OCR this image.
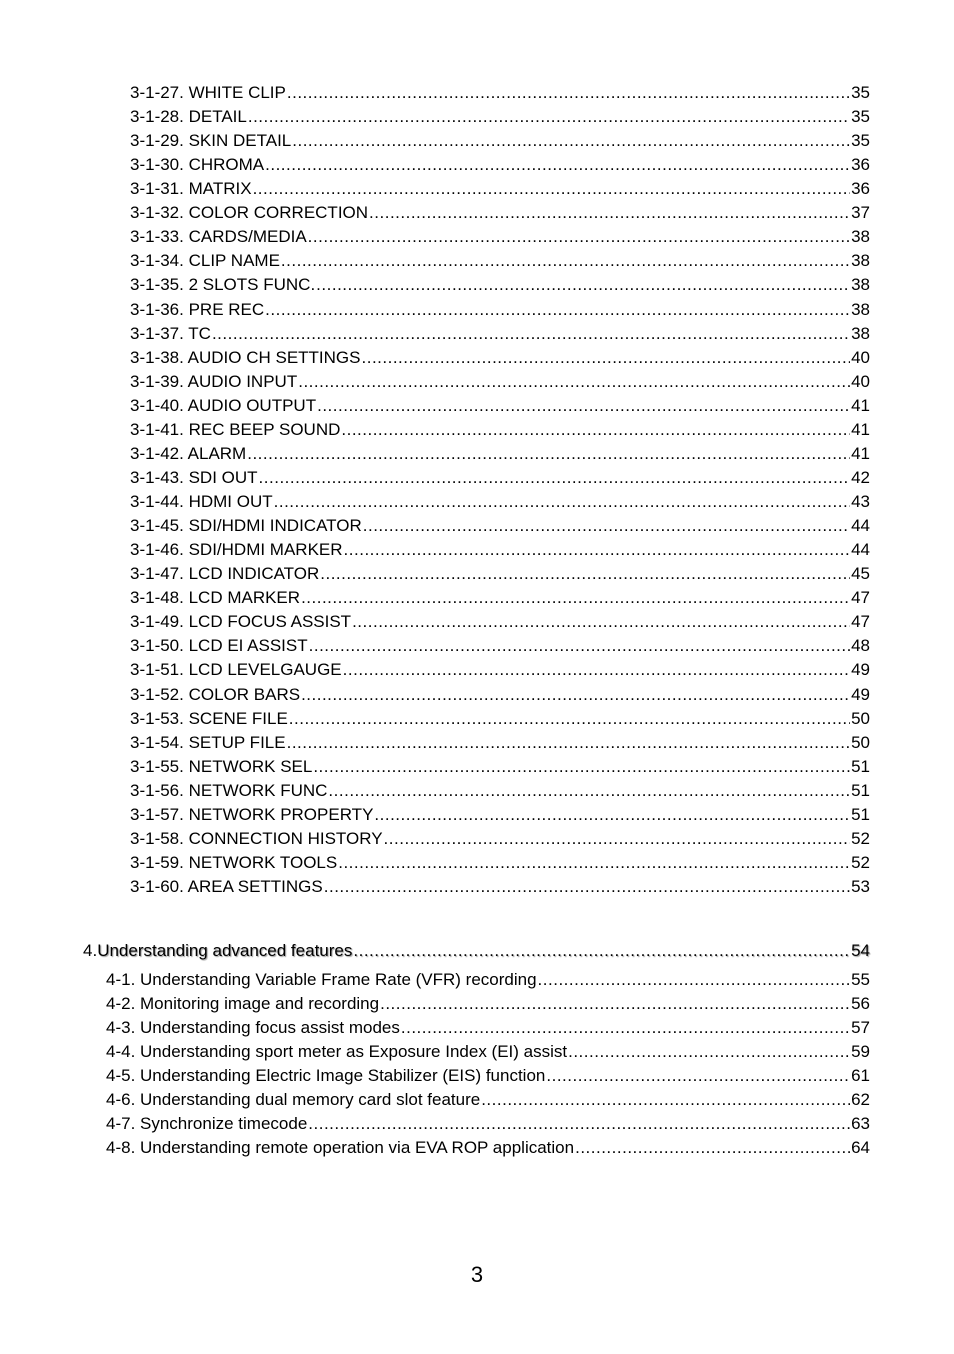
3-1-27. WHITE CLIP .....	35
3-1-28. DETAIL .....	35
3-1-29. SKIN DETAIL .....	35
3-1-30. CHROMA .....	36
3-1-31. MATRIX .....	36
3-1-32. COLOR CORRECTION .....	37
3-1-33. CARDS/MEDIA .....	38
3-1-34. CLIP NAME .....	38
3-1-35. 2 SLOTS FUNC. .....	38
3-1-36. PRE REC .....	38
3-1-37. TC .....	38
3-1-38. AUDIO CH SETTINGS .....	40
3-1-39. AUDIO INPUT .....	40
3-1-40. AUDIO OUTPUT .....	41
3-1-41. REC BEEP SOUND .....	41
3-1-42. ALARM .....	41
3-1-43. SDI OUT .....	42
3-1-44. HDMI OUT .....	43
3-1-45. SDI/HDMI INDICATOR .....	44
3-1-46. SDI/HDMI MARKER .....	44
3-1-47. LCD INDICATOR .....	45
3-1-48. LCD MARKER .....	47
3-1-49. LCD FOCUS ASSIST .....	47
3-1-50. LCD EI ASSIST .....	48
3-1-51. LCD LEVELGAUGE .....	49
3-1-52. COLOR BARS .....	49
3-1-53. SCENE FILE .....	50
3-1-54. SETUP FILE .....	50
3-1-55. NETWORK SEL .....	51
3-1-56. NETWORK FUNC .....	51
3-1-57. NETWORK PROPERTY .....	51
3-1-58. CONNECTION HISTORY .....	52
3-1-59. NETWORK TOOLS .....	52
3-1-60. AREA SETTINGS .....	53
4. Understanding advanced features .....	54
4-1. Understanding Variable Frame Rate (VFR) recording .....	55
4-2. Monitoring image and recording .....	56
4-3. Understanding focus assist modes .....	57
4-4. Understanding sport meter as Exposure Index (EI) assist .....	59
4-5. Understanding Electric Image Stabilizer (EIS) function .....	61
4-6. Understanding dual memory card slot feature .....	62
4-7. Synchronize timecode .....	63
4-8. Understanding remote operation via EVA ROP application .....	64
3
